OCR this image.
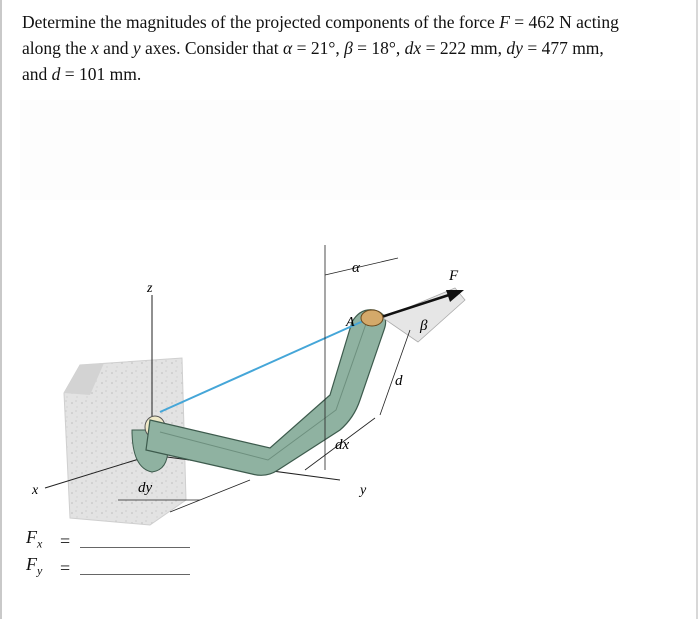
Determine the magnitudes of the projected components of the force F = 462 N acting
along the x and y axes. Consider that α = 21°, β = 18°, dx = 222 mm, dy = 477 mm,
and d = 101 mm.
z
x	y
F
α
β
A
d
dx
dy
$F_x$ =
$F_y$ =
